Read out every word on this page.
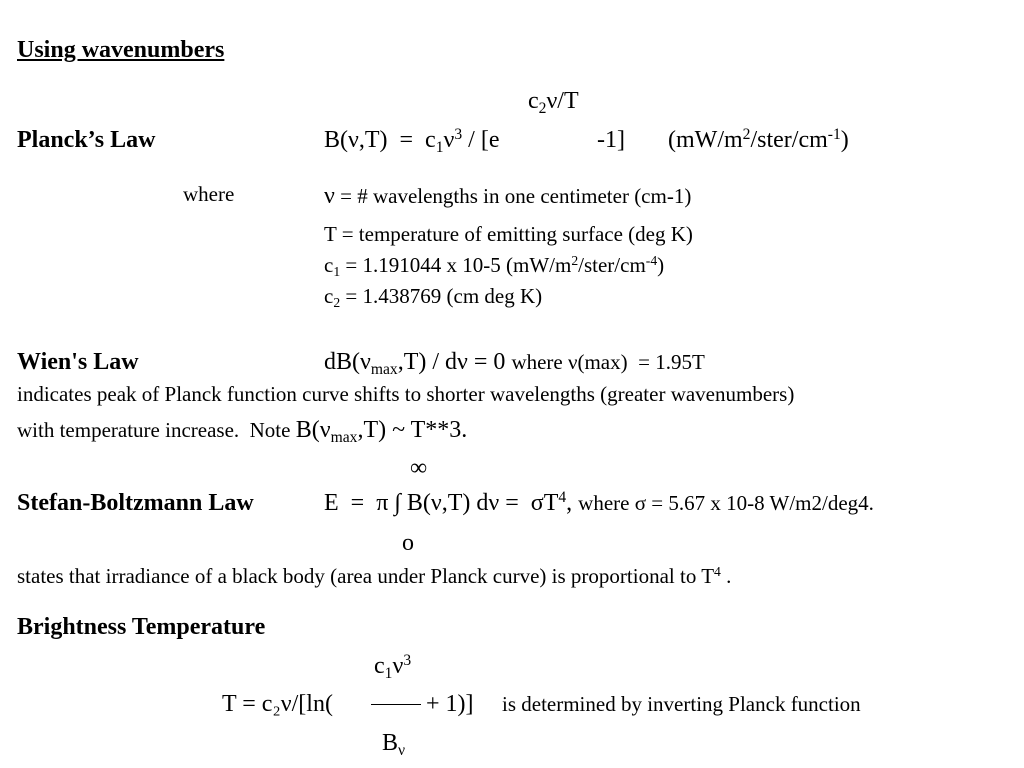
Using wavenumbers
$c_2\nu/T$
Planck’s Law	$B(\nu,T) = c_1\nu^3 / [e$	-1] $(mW/m^2/ster/cm^{-1})$
where	ν = # wavelengths in one centimeter (cm-1)
T = temperature of emitting surface (deg K)
$c_1 = 1.191044$ x 10-5 $(mW/m^2/ster/cm^{-4})$
$c_2 = 1.438769$ (cm deg K)
Wien's Law	$dB(\nu_{max},T) / d\nu = 0$ where ν(max)  = 1.95T
indicates peak of Planck function curve shifts to shorter wavelengths (greater wavenumbers)
with temperature increase.  Note $B(\nu_{max},T)$ ~ T**3.
∞
Stefan-Boltzmann Law	E  =  π ∫ B(ν,T) $d\nu = \sigma T^4$, where σ = 5.67 x 10-8 W/m2/deg4.
o
states that irradiance of a black body (area under Planck curve) is proportional to $T^4$ .
Brightness Temperature
$c_1\nu^3$
T = c₂ν/[ln(	+ 1)] is determined by inverting Planck function
$B_\nu$
